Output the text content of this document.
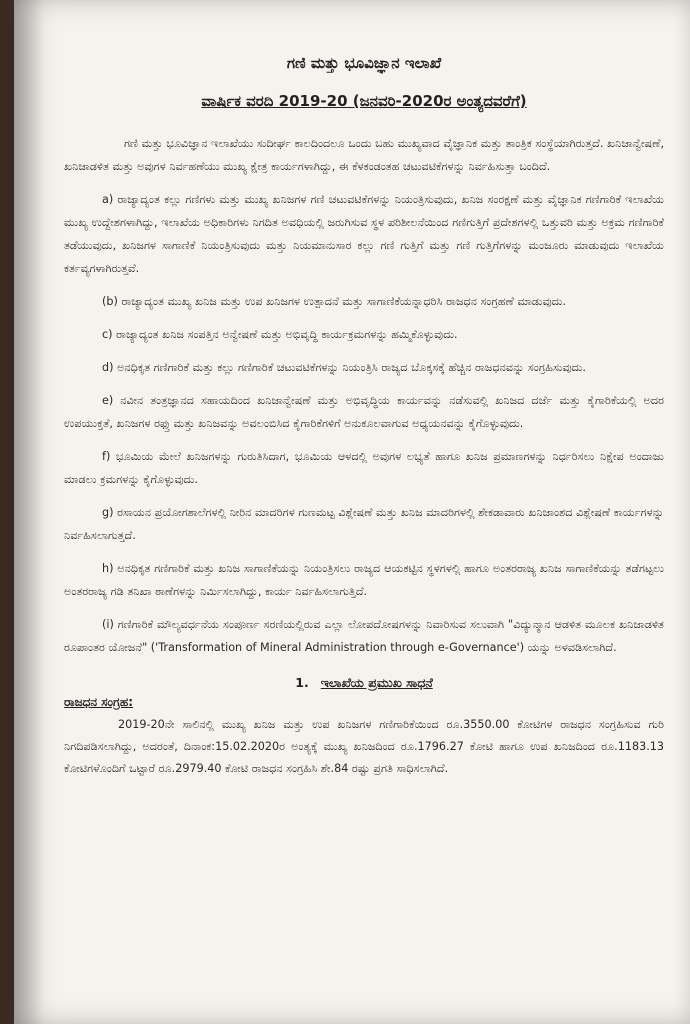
ಗಣಿ ಮತ್ತು ಭೂವಿಜ್ಞಾನ ಇಲಾಖೆ
ವಾರ್ಷಿಕ ವರದಿ 2019-20 (ಜನವರಿ-2020ರ ಅಂತ್ಯದವರೆಗೆ)

ಗಣಿ ಮತ್ತು ಭೂವಿಜ್ಞಾನ ಇಲಾಖೆಯು ಸುದೀರ್ಘ ಕಾಲದಿಂದಲೂ ಒಂದು ಬಹು ಮುಖ್ಯವಾದ ವೈಜ್ಞಾನಿಕ ಮತ್ತು ತಾಂತ್ರಿಕ ಸಂಸ್ಥೆಯಾಗಿರುತ್ತದೆ. ಖನಿಜಾನ್ವೇಷಣೆ, ಖನಿಜಾಡಳಿತ ಮತ್ತು ಅವುಗಳ ನಿರ್ವಹಣೆಯು ಮುಖ್ಯ ಕ್ಷೇತ್ರ ಕಾರ್ಯಗಳಾಗಿದ್ದು, ಈ ಕೆಳಕಂಡಂತಹ ಚಟುವಟಿಕೆಗಳನ್ನು ನಿರ್ವಹಿಸುತ್ತಾ ಬಂದಿದೆ.

a) ರಾಜ್ಯಾದ್ಯಂತ ಕಲ್ಲು ಗಣಿಗಳು ಮತ್ತು ಮುಖ್ಯ ಖನಿಜಗಳ ಗಣಿ ಚಟುವಟಿಕೆಗಳನ್ನು ನಿಯಂತ್ರಿಸುವುದು, ಖನಿಜ ಸಂರಕ್ಷಣೆ ಮತ್ತು ವೈಜ್ಞಾನಿಕ ಗಣಿಗಾರಿಕೆ ಇಲಾಖೆಯ ಮುಖ್ಯ ಉದ್ದೇಶಗಳಾಗಿದ್ದು, ಇಲಾಖೆಯ ಅಧಿಕಾರಿಗಳು ನಿಗದಿತ ಅವಧಿಯಲ್ಲಿ ಜರುಗಿಸುವ ಸ್ಥಳ ಪರಿಶೀಲನೆಯಿಂದ ಗಣಿಗುತ್ತಿಗೆ ಪ್ರದೇಶಗಳಲ್ಲಿ ಒತ್ತುವರಿ ಮತ್ತು ಅಕ್ರಮ ಗಣಿಗಾರಿಕೆ ತಡೆಯುವುದು, ಖನಿಜಗಳ ಸಾಗಾಣಿಕೆ ನಿಯಂತ್ರಿಸುವುದು ಮತ್ತು ನಿಯಮಾನುಸಾರ ಕಲ್ಲು ಗಣಿ ಗುತ್ತಿಗೆ ಮತ್ತು ಗಣಿ ಗುತ್ತಿಗೆಗಳನ್ನು ಮಂಜೂರು ಮಾಡುವುದು ಇಲಾಖೆಯ ಕರ್ತವ್ಯಗಳಾಗಿರುತ್ತವೆ.

(b) ರಾಜ್ಯಾದ್ಯಂತ ಮುಖ್ಯ ಖನಿಜ ಮತ್ತು ಉಪ ಖನಿಜಗಳ ಉತ್ಪಾದನೆ ಮತ್ತು ಸಾಗಾಣಿಕೆಯನ್ನಾಧರಿಸಿ ರಾಜಧನ ಸಂಗ್ರಹಣೆ ಮಾಡುವುದು.

c) ರಾಜ್ಯಾದ್ಯಂತ ಖನಿಜ ಸಂಪತ್ತಿನ ಅನ್ವೇಷಣೆ ಮತ್ತು ಅಭಿವೃದ್ಧಿ ಕಾರ್ಯಕ್ರಮಗಳನ್ನು ಹಮ್ಮಿಕೊಳ್ಳುವುದು.

d) ಅನಧಿಕೃತ ಗಣಿಗಾರಿಕೆ ಮತ್ತು ಕಲ್ಲು ಗಣಿಗಾರಿಕೆ ಚಟುವಟಿಕೆಗಳನ್ನು ನಿಯಂತ್ರಿಸಿ ರಾಜ್ಯದ ಬೊಕ್ಕಸಕ್ಕೆ ಹೆಚ್ಚಿನ ರಾಜಧನವನ್ನು ಸಂಗ್ರಹಿಸುವುದು.

e) ನವೀನ ತಂತ್ರಜ್ಞಾನದ ಸಹಾಯದಿಂದ ಖನಿಜಾನ್ವೇಷಣೆ ಮತ್ತು ಅಭಿವೃದ್ಧಿಯ ಕಾರ್ಯವನ್ನು ನಡೆಸುವಲ್ಲಿ ಖನಿಜದ ದರ್ಜೆ ಮತ್ತು ಕೈಗಾರಿಕೆಯಲ್ಲಿ ಅದರ ಉಪಯುಕ್ತತೆ, ಖನಿಜಗಳ ರಫ್ತು ಮತ್ತು ಖನಿಜವನ್ನು ಅವಲಂಬಿಸಿದ ಕೈಗಾರಿಕೆಗಳಿಗೆ ಅನುಕೂಲವಾಗುವ ಅಧ್ಯಯನವನ್ನು ಕೈಗೊಳ್ಳುವುದು.

f) ಭೂಮಿಯ ಮೇಲೆ ಖನಿಜಗಳನ್ನು ಗುರುತಿಸಿದಾಗ, ಭೂಮಿಯ ಆಳದಲ್ಲಿ ಅವುಗಳ ಲಭ್ಯತೆ ಹಾಗೂ ಖನಿಜ ಪ್ರಮಾಣಗಳನ್ನು ನಿರ್ಧರಿಸಲು ನಿಕ್ಷೇಪ ಅಂದಾಜು ಮಾಡಲು ಕ್ರಮಗಳನ್ನು ಕೈಗೊಳ್ಳುವುದು.

g) ರಸಾಯನ ಪ್ರಯೋಗಶಾಲೆಗಳಲ್ಲಿ ನೀರಿನ ಮಾದರಿಗಳ ಗುಣಮಟ್ಟ ವಿಶ್ಲೇಷಣೆ ಮತ್ತು ಖನಿಜ ಮಾದರಿಗಳಲ್ಲಿ ಶೇಕಡಾವಾರು ಖನಿಜಾಂಶದ ವಿಶ್ಲೇಷಣೆ ಕಾರ್ಯಗಳನ್ನು ನಿರ್ವಹಿಸಲಾಗುತ್ತದೆ.

h) ಅನಧಿಕೃತ ಗಣಿಗಾರಿಕೆ ಮತ್ತು ಖನಿಜ ಸಾಗಾಣಿಕೆಯನ್ನು ನಿಯಂತ್ರಿಸಲು ರಾಜ್ಯದ ಆಯಕಟ್ಟಿನ ಸ್ಥಳಗಳಲ್ಲಿ ಹಾಗೂ ಅಂತರರಾಜ್ಯ ಖನಿಜ ಸಾಗಾಣಿಕೆಯನ್ನು ತಡೆಗಟ್ಟಲು ಅಂತರರಾಜ್ಯ ಗಡಿ ತನಿಖಾ ಠಾಣೆಗಳನ್ನು ನಿರ್ಮಿಸಲಾಗಿದ್ದು, ಕಾರ್ಯ ನಿರ್ವಹಿಸಲಾಗುತ್ತಿದೆ.

(i) ಗಣಿಗಾರಿಕೆ ಮೌಲ್ಯವರ್ಧನೆಯ ಸಂಪೂರ್ಣ ಸರಣಿಯಲ್ಲಿರುವ ಎಲ್ಲಾ ಲೋಪದೋಷಗಳನ್ನು ನಿವಾರಿಸುವ ಸಲುವಾಗಿ "ವಿದ್ಯುನ್ಮಾನ ಆಡಳಿತ ಮೂಲಕ ಖನಿಜಾಡಳಿತ ರೂಪಾಂತರ ಯೋಜನೆ" ('Transformation of Mineral Administration through e-Governance') ಯನ್ನು ಅಳವಡಿಸಲಾಗಿದೆ.

1. ಇಲಾಖೆಯ ಪ್ರಮುಖ ಸಾಧನೆ
ರಾಜಧನ ಸಂಗ್ರಹ:

2019-20ನೇ ಸಾಲಿನಲ್ಲಿ ಮುಖ್ಯ ಖನಿಜ ಮತ್ತು ಉಪ ಖನಿಜಗಳ ಗಣಿಗಾರಿಕೆಯಿಂದ ರೂ.3550.00 ಕೋಟಿಗಳ ರಾಜಧನ ಸಂಗ್ರಹಿಸುವ ಗುರಿ ನಿಗದಿಪಡಿಸಲಾಗಿದ್ದು, ಅದರಂತೆ, ದಿನಾಂಕ:15.02.2020ರ ಅಂತ್ಯಕ್ಕೆ ಮುಖ್ಯ ಖನಿಜದಿಂದ ರೂ.1796.27 ಕೋಟಿ ಹಾಗೂ ಉಪ ಖನಿಜದಿಂದ ರೂ.1183.13 ಕೋಟಿಗಳೊಂದಿಗೆ ಒಟ್ಟಾರೆ ರೂ.2979.40 ಕೋಟಿ ರಾಜಧನ ಸಂಗ್ರಹಿಸಿ ಶೇ.84 ರಷ್ಟು ಪ್ರಗತಿ ಸಾಧಿಸಲಾಗಿದೆ.
